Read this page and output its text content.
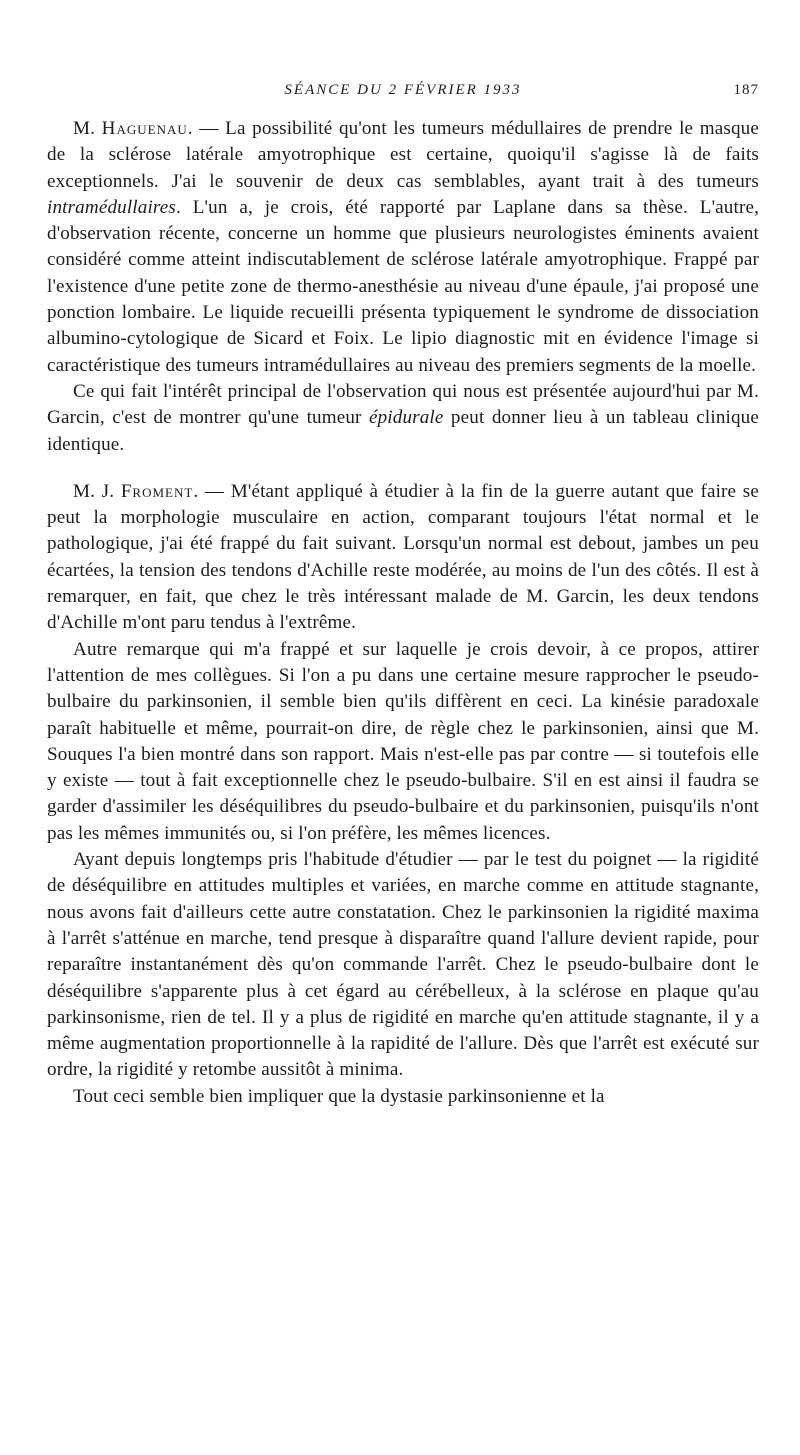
SÉANCE DU 2 FÉVRIER 1933	187

M. Haguenau. — La possibilité qu'ont les tumeurs médullaires de prendre le masque de la sclérose latérale amyotrophique est certaine, quoiqu'il s'agisse là de faits exceptionnels. J'ai le souvenir de deux cas semblables, ayant trait à des tumeurs intramédullaires. L'un a, je crois, été rapporté par Laplane dans sa thèse. L'autre, d'observation récente, concerne un homme que plusieurs neurologistes éminents avaient considéré comme atteint indiscutablement de sclérose latérale amyotrophique. Frappé par l'existence d'une petite zone de thermo-anesthésie au niveau d'une épaule, j'ai proposé une ponction lombaire. Le liquide recueilli présenta typiquement le syndrome de dissociation albumino-cytologique de Sicard et Foix. Le lipio diagnostic mit en évidence l'image si caractéristique des tumeurs intramédullaires au niveau des premiers segments de la moelle.

Ce qui fait l'intérêt principal de l'observation qui nous est présentée aujourd'hui par M. Garcin, c'est de montrer qu'une tumeur épidurale peut donner lieu à un tableau clinique identique.

M. J. Froment. — M'étant appliqué à étudier à la fin de la guerre autant que faire se peut la morphologie musculaire en action, comparant toujours l'état normal et le pathologique, j'ai été frappé du fait suivant. Lorsqu'un normal est debout, jambes un peu écartées, la tension des tendons d'Achille reste modérée, au moins de l'un des côtés. Il est à remarquer, en fait, que chez le très intéressant malade de M. Garcin, les deux tendons d'Achille m'ont paru tendus à l'extrême.

Autre remarque qui m'a frappé et sur laquelle je crois devoir, à ce propos, attirer l'attention de mes collègues. Si l'on a pu dans une certaine mesure rapprocher le pseudo-bulbaire du parkinsonien, il semble bien qu'ils diffèrent en ceci. La kinésie paradoxale paraît habituelle et même, pourrait-on dire, de règle chez le parkinsonien, ainsi que M. Souques l'a bien montré dans son rapport. Mais n'est-elle pas par contre — si toutefois elle y existe — tout à fait exceptionnelle chez le pseudo-bulbaire. S'il en est ainsi il faudra se garder d'assimiler les déséquilibres du pseudo-bulbaire et du parkinsonien, puisqu'ils n'ont pas les mêmes immunités ou, si l'on préfère, les mêmes licences.

Ayant depuis longtemps pris l'habitude d'étudier — par le test du poignet — la rigidité de déséquilibre en attitudes multiples et variées, en marche comme en attitude stagnante, nous avons fait d'ailleurs cette autre constatation. Chez le parkinsonien la rigidité maxima à l'arrêt s'atténue en marche, tend presque à disparaître quand l'allure devient rapide, pour reparaître instantanément dès qu'on commande l'arrêt. Chez le pseudo-bulbaire dont le déséquilibre s'apparente plus à cet égard au cérébelleux, à la sclérose en plaque qu'au parkinsonisme, rien de tel. Il y a plus de rigidité en marche qu'en attitude stagnante, il y a même augmentation proportionnelle à la rapidité de l'allure. Dès que l'arrêt est exécuté sur ordre, la rigidité y retombe aussitôt à minima.

Tout ceci semble bien impliquer que la dystasie parkinsonienne et la
